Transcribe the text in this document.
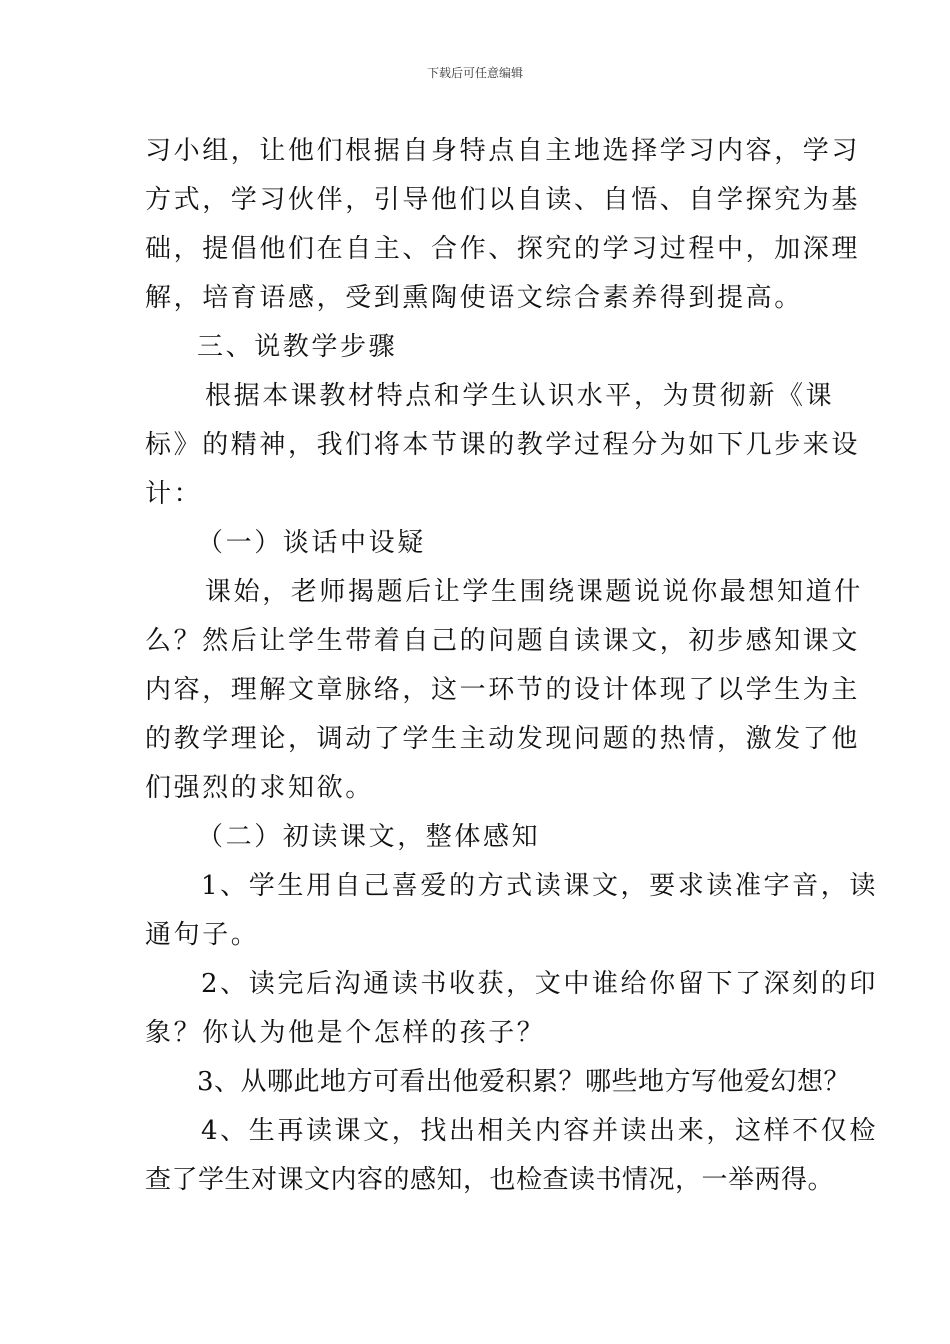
下载后可任意编辑
习小组，让他们根据自身特点自主地选择学习内容，学习
方式，学习伙伴，引导他们以自读、自悟、自学探究为基
础，提倡他们在自主、合作、探究的学习过程中，加深理
解，培育语感，受到熏陶使语文综合素养得到提高。
三、说教学步骤
根据本课教材特点和学生认识水平，为贯彻新《课
标》的精神，我们将本节课的教学过程分为如下几步来设
计：
（一）谈话中设疑
课始，老师揭题后让学生围绕课题说说你最想知道什
么？然后让学生带着自己的问题自读课文，初步感知课文
内容，理解文章脉络，这一环节的设计体现了以学生为主
的教学理论，调动了学生主动发现问题的热情，激发了他
们强烈的求知欲。
（二）初读课文，整体感知
1、学生用自己喜爱的方式读课文，要求读准字音，读
通句子。
2、读完后沟通读书收获，文中谁给你留下了深刻的印
象？你认为他是个怎样的孩子？
3、从哪此地方可看出他爱积累？哪些地方写他爱幻想？
4、生再读课文，找出相关内容并读出来，这样不仅检
查了学生对课文内容的感知，也检查读书情况，一举两得。
